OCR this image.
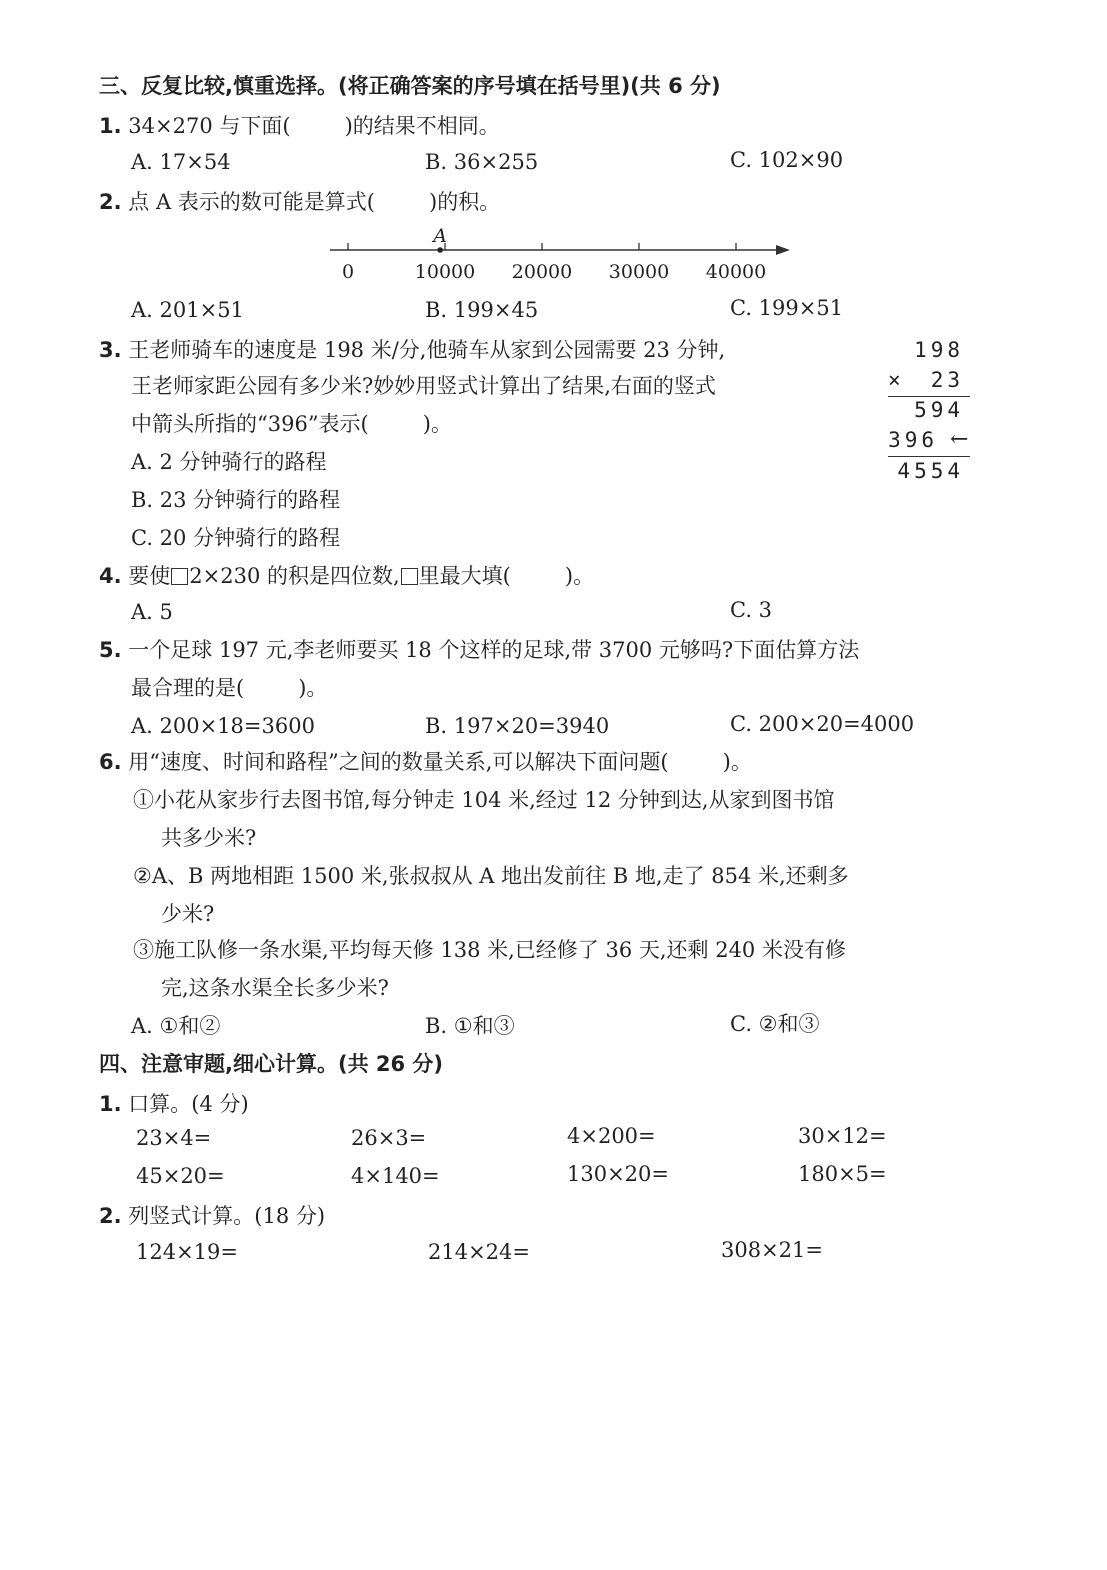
三、反复比较,慎重选择。(将正确答案的序号填在括号里)(共 6 分)
1. 34×270 与下面(	)的结果不相同。
A. 17×54	B. 36×255	C. 102×90
2. 点 A 表示的数可能是算式(	)的积。
0	10000 20000 30000 40000
A
A. 201×51	B. 199×45	C. 199×51
3. 王老师骑车的速度是 198 米/分,他骑车从家到公园需要 23 分钟,
王老师家距公园有多少米?妙妙用竖式计算出了结果,右面的竖式
中箭头所指的“396”表示(	)。
A. 2 分钟骑行的路程
B. 23 分钟骑行的路程
C. 20 分钟骑行的路程
198
× 23
594
396 ←
4554
4. 要使 2×230 的积是四位数, 里最大填(	)。
A. 5	C. 3
5. 一个足球 197 元,李老师要买 18 个这样的足球,带 3700 元够吗?下面估算方法
最合理的是(	)。
A. 200×18=3600	B. 197×20=3940	C. 200×20=4000
6. 用“速度、时间和路程”之间的数量关系,可以解决下面问题(	)。
①小花从家步行去图书馆,每分钟走 104 米,经过 12 分钟到达,从家到图书馆
共多少米?
②A、B 两地相距 1500 米,张叔叔从 A 地出发前往 B 地,走了 854 米,还剩多
少米?
③施工队修一条水渠,平均每天修 138 米,已经修了 36 天,还剩 240 米没有修
完,这条水渠全长多少米?
A. ①和②	B. ①和③	C. ②和③
四、注意审题,细心计算。(共 26 分)
1. 口算。(4 分)
23×4=	26×3=	4×200=	30×12=
45×20=	4×140=	130×20=	180×5=
2. 列竖式计算。(18 分)
124×19=	214×24=	308×21=
